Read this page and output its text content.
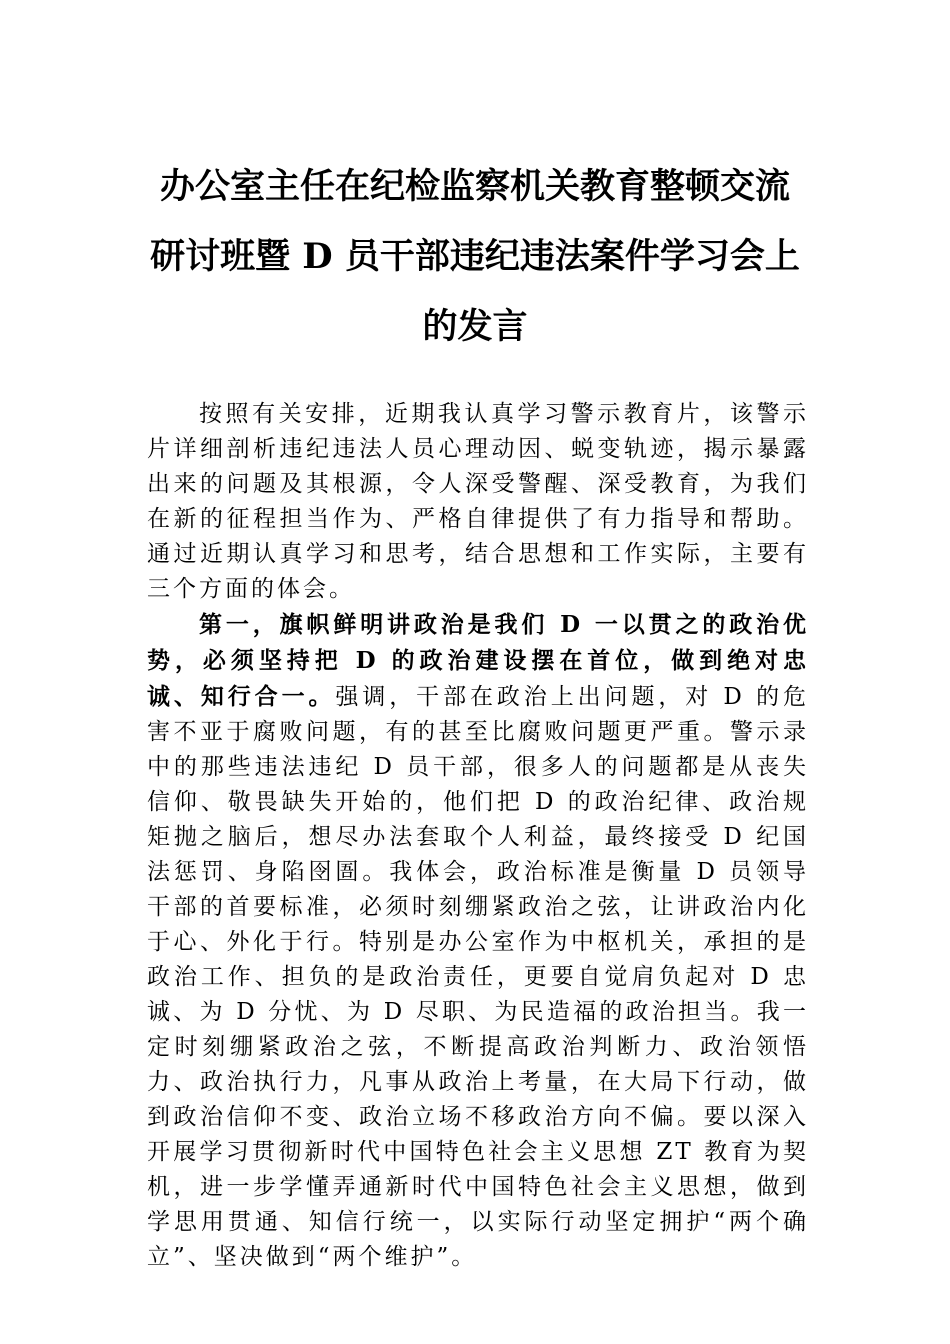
办公室主任在纪检监察机关教育整顿交流
研讨班暨 D 员干部违纪违法案件学习会上
的发言

按照有关安排，近期我认真学习警示教育片，该警示片详细剖析违纪违法人员心理动因、蜕变轨迹，揭示暴露出来的问题及其根源，令人深受警醒、深受教育，为我们在新的征程担当作为、严格自律提供了有力指导和帮助。通过近期认真学习和思考，结合思想和工作实际，主要有三个方面的体会。

第一，旗帜鲜明讲政治是我们 D 一以贯之的政治优势，必须坚持把 D 的政治建设摆在首位，做到绝对忠诚、知行合一。强调，干部在政治上出问题，对 D 的危害不亚于腐败问题，有的甚至比腐败问题更严重。警示录中的那些违法违纪 D 员干部，很多人的问题都是从丧失信仰、敬畏缺失开始的，他们把 D 的政治纪律、政治规矩抛之脑后，想尽办法套取个人利益，最终接受 D 纪国法惩罚、身陷囹圄。我体会，政治标准是衡量 D 员领导干部的首要标准，必须时刻绷紧政治之弦，让讲政治内化于心、外化于行。特别是办公室作为中枢机关，承担的是政治工作、担负的是政治责任，更要自觉肩负起对 D 忠诚、为 D 分忧、为 D 尽职、为民造福的政治担当。我一定时刻绷紧政治之弦，不断提高政治判断力、政治领悟力、政治执行力，凡事从政治上考量，在大局下行动，做到政治信仰不变、政治立场不移政治方向不偏。要以深入开展学习贯彻新时代中国特色社会主义思想 ZT 教育为契机，进一步学懂弄通新时代中国特色社会主义思想，做到学思用贯通、知信行统一，以实际行动坚定拥护“两个确立”、坚决做到“两个维护”。
